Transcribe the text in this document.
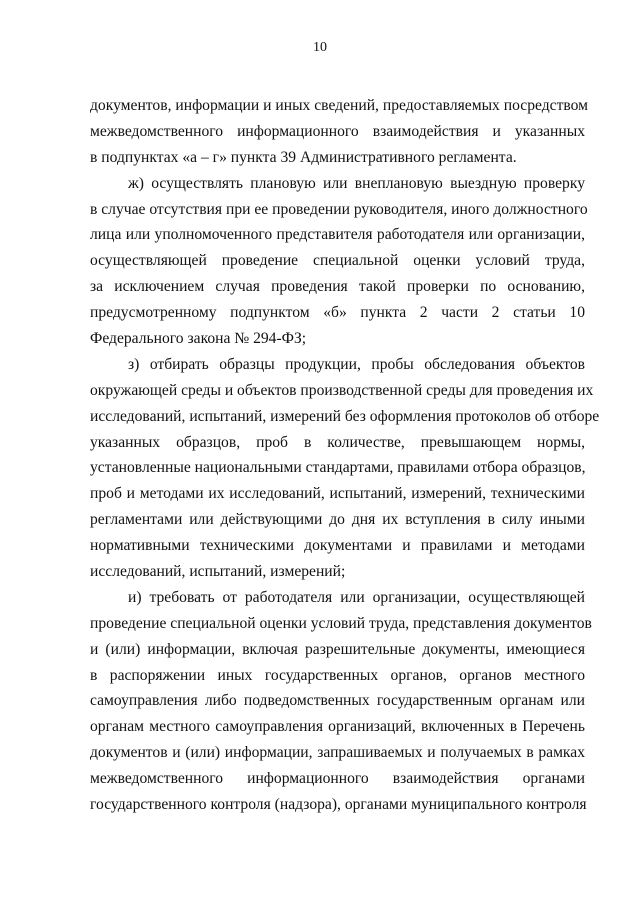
10
документов, информации и иных сведений, предоставляемых посредством
межведомственного информационного взаимодействия и указанных
в подпунктах «а – г» пункта 39 Административного регламента.
ж) осуществлять плановую или внеплановую выездную проверку
в случае отсутствия при ее проведении руководителя, иного должностного
лица или уполномоченного представителя работодателя или организации,
осуществляющей проведение специальной оценки условий труда,
за исключением случая проведения такой проверки по основанию,
предусмотренному подпунктом «б» пункта 2 части 2 статьи 10
Федерального закона № 294-ФЗ;
з) отбирать образцы продукции, пробы обследования объектов
окружающей среды и объектов производственной среды для проведения их
исследований, испытаний, измерений без оформления протоколов об отборе
указанных образцов, проб в количестве, превышающем нормы,
установленные национальными стандартами, правилами отбора образцов,
проб и методами их исследований, испытаний, измерений, техническими
регламентами или действующими до дня их вступления в силу иными
нормативными техническими документами и правилами и методами
исследований, испытаний, измерений;
и) требовать от работодателя или организации, осуществляющей
проведение специальной оценки условий труда, представления документов
и (или) информации, включая разрешительные документы, имеющиеся
в распоряжении иных государственных органов, органов местного
самоуправления либо подведомственных государственным органам или
органам местного самоуправления организаций, включенных в Перечень
документов и (или) информации, запрашиваемых и получаемых в рамках
межведомственного информационного взаимодействия органами
государственного контроля (надзора), органами муниципального контроля
